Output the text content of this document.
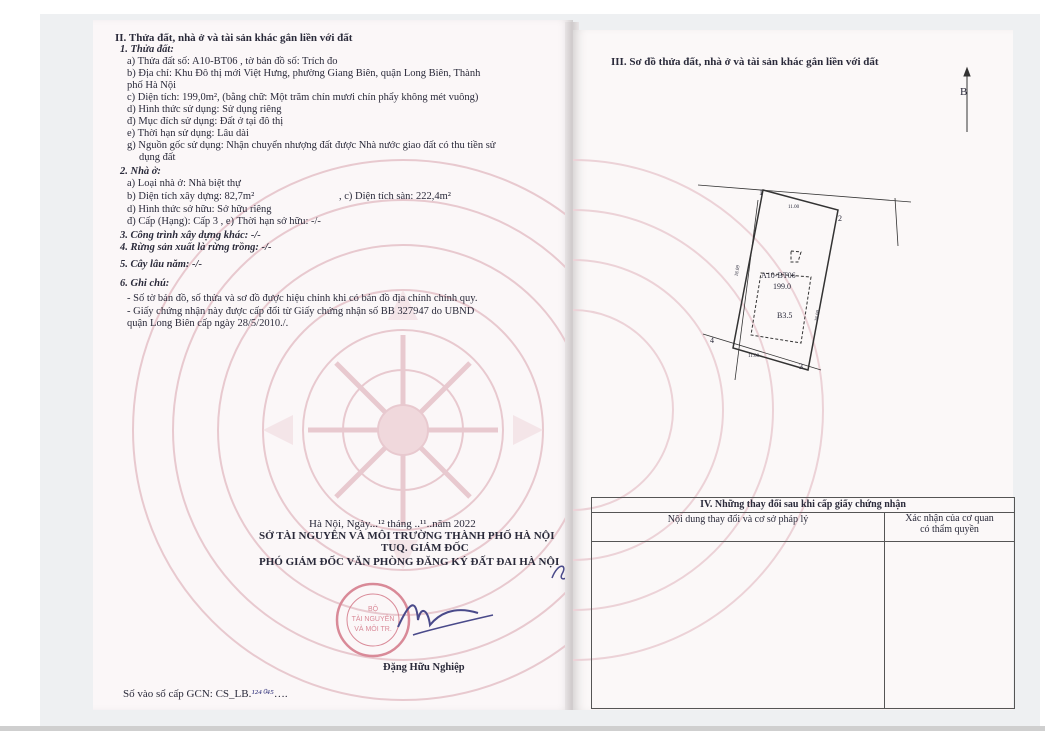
II. Thửa đất, nhà ở và tài sản khác gắn liền với đất
1. Thửa đất:
a) Thửa đất số: A10-BT06 , tờ bản đồ số: Trích đo
b) Địa chỉ: Khu Đô thị mới Việt Hưng, phường Giang Biên, quận Long Biên, Thành
phố Hà Nội
c) Diện tích: 199,0m², (bằng chữ: Một trăm chín mươi chín phẩy không mét vuông)
d) Hình thức sử dụng: Sử dụng riêng
đ) Mục đích sử dụng: Đất ở tại đô thị
e) Thời hạn sử dụng: Lâu dài
g) Nguồn gốc sử dụng: Nhận chuyển nhượng đất được Nhà nước giao đất có thu tiền sử
dụng đất
2. Nhà ở:
a) Loại nhà ở: Nhà biệt thự
b) Diện tích xây dựng: 82,7m²	, c) Diện tích sàn: 222,4m²
d) Hình thức sở hữu: Sở hữu riêng
đ) Cấp (Hạng): Cấp 3 , e) Thời hạn sở hữu: -/-
3. Công trình xây dựng khác: -/-
4. Rừng sản xuất là rừng trồng: -/-
5. Cây lâu năm: -/-
6. Ghi chú:
- Số tờ bản đồ, số thửa và sơ đồ được hiệu chỉnh khi có bản đồ địa chính chính quy.
- Giấy chứng nhận này được cấp đổi từ Giấy chứng nhận số BB 327947 do UBND
quận Long Biên cấp ngày 28/5/2010./.
Hà Nội, Ngày...¹² tháng ..¹¹..năm 2022
SỞ TÀI NGUYÊN VÀ MÔI TRƯỜNG THÀNH PHỐ HÀ NỘI
TUQ. GIÁM ĐỐC
PHÓ GIÁM ĐỐC VĂN PHÒNG ĐĂNG KÝ ĐẤT ĐAI HÀ NỘI
BỘ
TÀI NGUYÊN
VÀ MÔI TR.
Đặng Hữu Nghiệp
Số vào sổ cấp GCN: CS_LB.¹²⁴⁰⁴⁵….
III. Sơ đồ thửa đất, nhà ở và tài sản khác gắn liền với đất
B
1
2
3
4
11.00
18.09
18.09
11.00
A10-BT06
199.0
B3.5
IV. Những thay đổi sau khi cấp giấy chứng nhận
Nội dung thay đổi và cơ sở pháp lý	Xác nhận của cơ quan
có thẩm quyền
